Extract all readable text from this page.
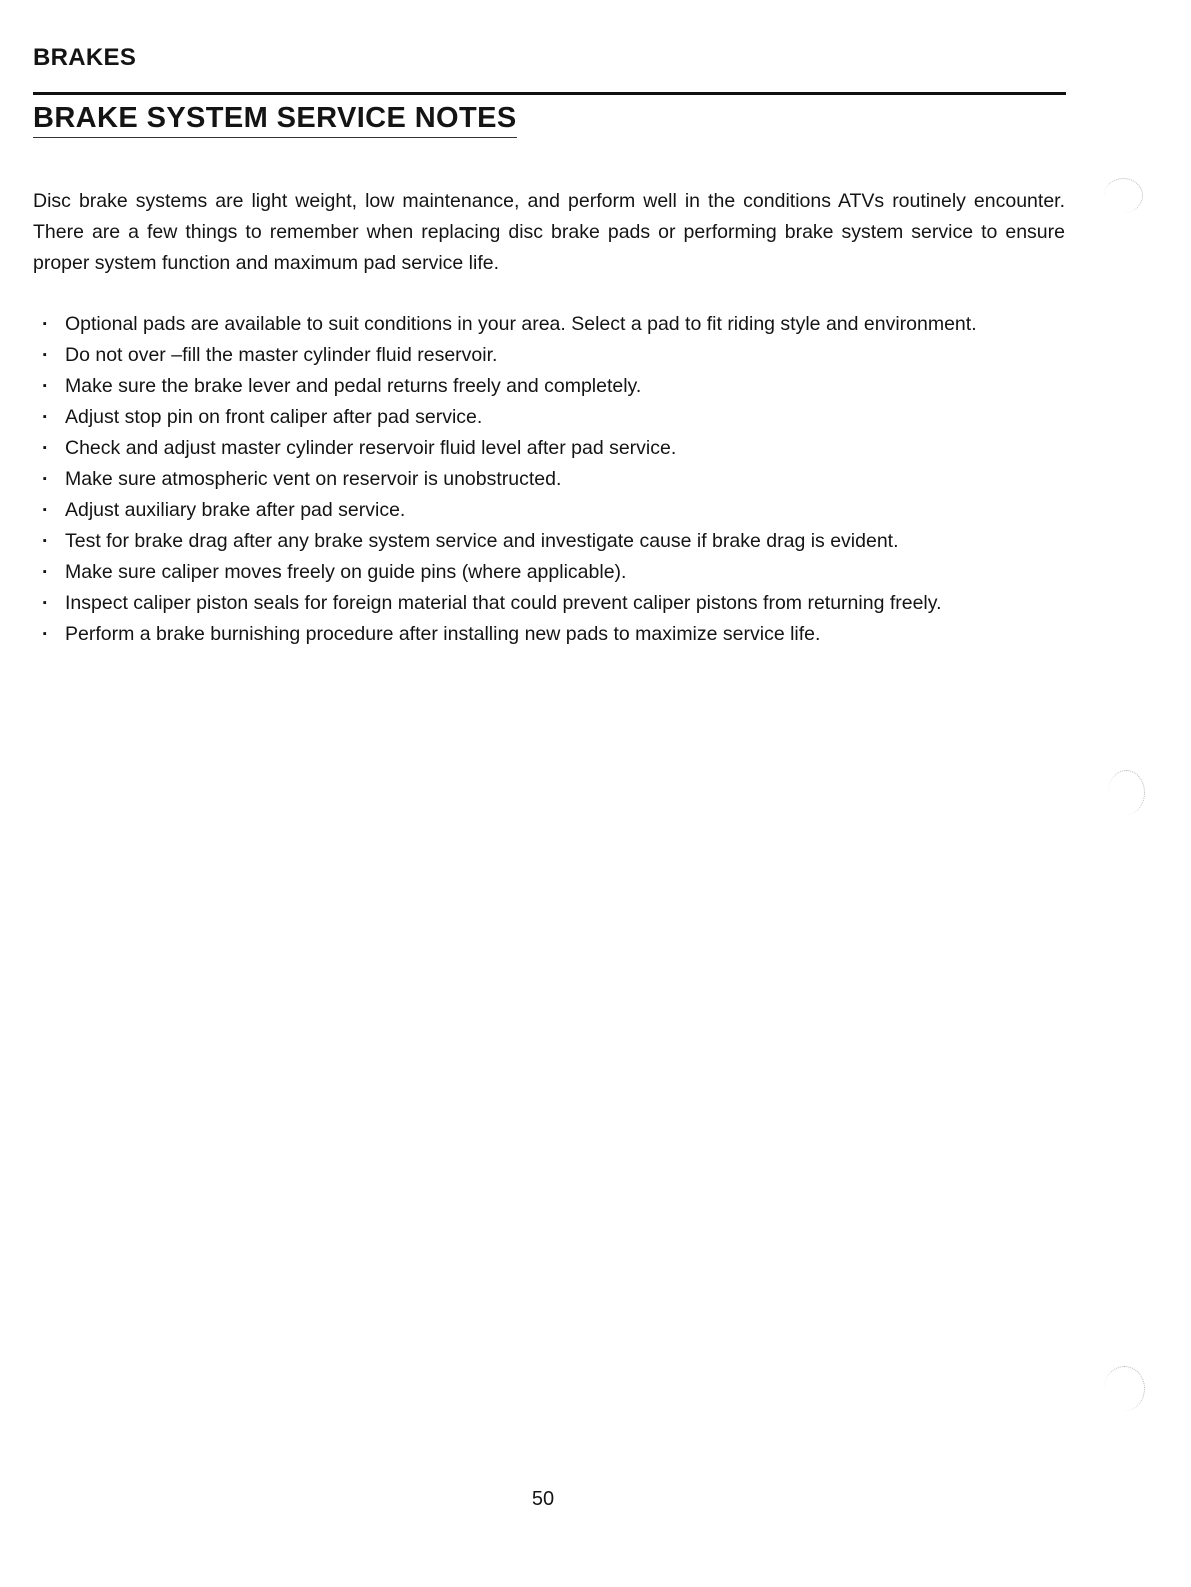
BRAKES
BRAKE SYSTEM SERVICE NOTES

Disc brake systems are light weight, low maintenance, and perform well in the conditions ATVs routinely encounter. There are a few things to remember when replacing disc brake pads or performing brake system service to ensure proper system function and maximum pad service life.

· Optional pads are available to suit conditions in your area. Select a pad to fit riding style and environment.
· Do not over –fill the master cylinder fluid reservoir.
· Make sure the brake lever and pedal returns freely and completely.
· Adjust stop pin on front caliper after pad service.
· Check and adjust master cylinder reservoir fluid level after pad service.
· Make sure atmospheric vent on reservoir is unobstructed.
· Adjust auxiliary brake after pad service.
· Test for brake drag after any brake system service and investigate cause if brake drag is evident.
· Make sure caliper moves freely on guide pins (where applicable).
· Inspect caliper piston seals for foreign material that could prevent caliper pistons from returning freely.
· Perform a brake burnishing procedure after installing new pads to maximize service life.
50
